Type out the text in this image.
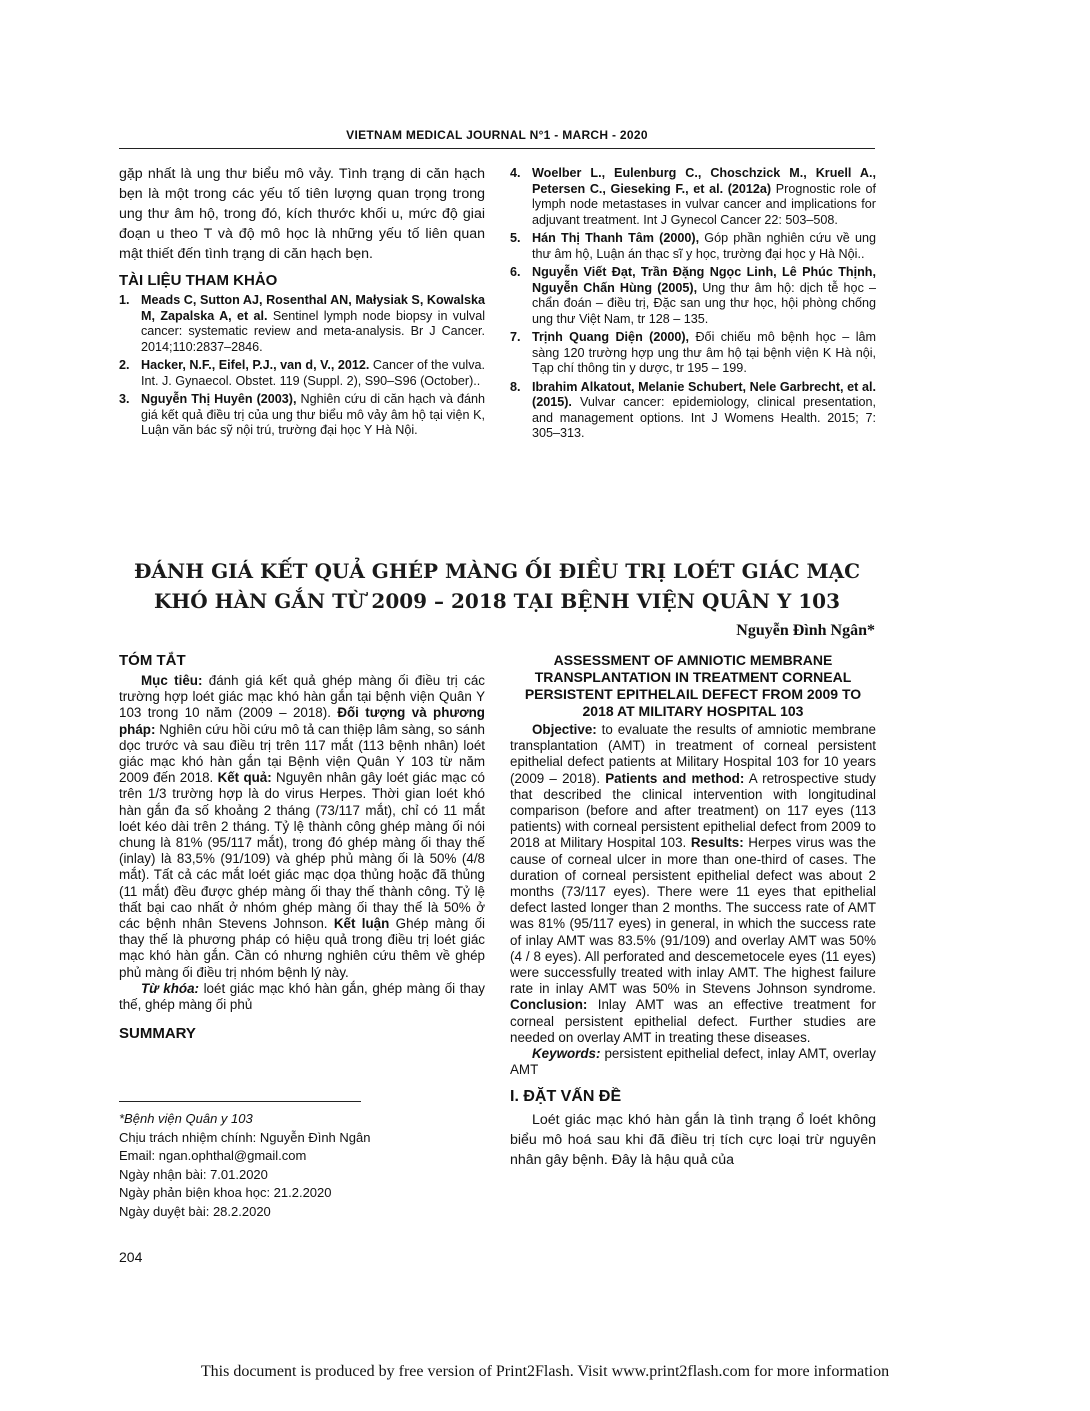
VIETNAM MEDICAL JOURNAL N°1 - MARCH - 2020
gặp nhất là ung thư biểu mô vảy. Tình trạng di căn hạch bẹn là một trong các yếu tố tiên lượng quan trọng trong ung thư âm hộ, trong đó, kích thước khối u, mức độ giai đoạn u theo T và độ mô học là những yếu tố liên quan mật thiết đến tình trạng di căn hạch bẹn.
TÀI LIỆU THAM KHẢO
1. Meads C, Sutton AJ, Rosenthal AN, Małysiak S, Kowalska M, Zapalska A, et al. Sentinel lymph node biopsy in vulval cancer: systematic review and meta-analysis. Br J Cancer. 2014;110:2837–2846.
2. Hacker, N.F., Eifel, P.J., van d, V., 2012. Cancer of the vulva. Int. J. Gynaecol. Obstet. 119 (Suppl. 2), S90–S96 (October)..
3. Nguyễn Thị Huyên (2003), Nghiên cứu di căn hạch và đánh giá kết quả điều trị của ung thư biểu mô vảy âm hộ tại viện K, Luận văn bác sỹ nội trú, trường đại học Y Hà Nội.
4. Woelber L., Eulenburg C., Choschzick M., Kruell A., Petersen C., Gieseking F., et al. (2012a) Prognostic role of lymph node metastases in vulvar cancer and implications for adjuvant treatment. Int J Gynecol Cancer 22: 503–508.
5. Hán Thị Thanh Tâm (2000), Góp phần nghiên cứu về ung thư âm hộ, Luận án thạc sĩ y học, trường đại học y Hà Nội..
6. Nguyễn Viết Đạt, Trần Đặng Ngọc Linh, Lê Phúc Thịnh, Nguyễn Chấn Hùng (2005), Ung thư âm hộ: dịch tễ học – chẩn đoán – điều trị, Đặc san ung thư học, hội phòng chống ung thư Việt Nam, tr 128 – 135.
7. Trịnh Quang Diện (2000), Đối chiếu mô bệnh học – lâm sàng 120 trường hợp ung thư âm hộ tại bệnh viện K Hà nội, Tạp chí thông tin y dược, tr 195 – 199.
8. Ibrahim Alkatout, Melanie Schubert, Nele Garbrecht, et al. (2015). Vulvar cancer: epidemiology, clinical presentation, and management options. Int J Womens Health. 2015; 7: 305–313.
ĐÁNH GIÁ KẾT QUẢ GHÉP MÀNG ỐI ĐIỀU TRỊ LOÉT GIÁC MẠC
KHÓ HÀN GẮN TỪ 2009 – 2018 TẠI BỆNH VIỆN QUÂN Y 103
Nguyễn Đình Ngân*
TÓM TẮT

Mục tiêu: đánh giá kết quả ghép màng ối điều trị các trường hợp loét giác mạc khó hàn gắn tại bệnh viện Quân Y 103 trong 10 năm (2009 – 2018). Đối tượng và phương pháp: Nghiên cứu hồi cứu mô tả can thiệp lâm sàng, so sánh dọc trước và sau điều trị trên 117 mắt (113 bệnh nhân) loét giác mạc khó hàn gắn tại Bệnh viện Quân Y 103 từ năm 2009 đến 2018. Kết quả: Nguyên nhân gây loét giác mạc có trên 1/3 trường hợp là do virus Herpes. Thời gian loét khó hàn gắn đa số khoảng 2 tháng (73/117 mắt), chỉ có 11 mắt loét kéo dài trên 2 tháng. Tỷ lệ thành công ghép màng ối nói chung là 81% (95/117 mắt), trong đó ghép màng ối thay thế (inlay) là 83,5% (91/109) và ghép phủ màng ối là 50% (4/8 mắt). Tất cả các mắt loét giác mạc dọa thủng hoặc đã thủng (11 mắt) đều được ghép màng ối thay thế thành công. Tỷ lệ thất bại cao nhất ở nhóm ghép màng ối thay thế là 50% ở các bệnh nhân Stevens Johnson. Kết luận Ghép màng ối thay thế là phương pháp có hiệu quả trong điều trị loét giác mạc khó hàn gắn. Cần có nhưng nghiên cứu thêm về ghép phủ màng ối điều trị nhóm bệnh lý này.

Từ khóa: loét giác mạc khó hàn gắn, ghép màng ối thay thế, ghép màng ối phủ

SUMMARY
ASSESSMENT OF AMNIOTIC MEMBRANE TRANSPLANTATION IN TREATMENT CORNEAL PERSISTENT EPITHELAIL DEFECT FROM 2009 TO 2018 AT MILITARY HOSPITAL 103

Objective: to evaluate the results of amniotic membrane transplantation (AMT) in treatment of corneal persistent epithelial defect patients at Military Hospital 103 for 10 years (2009 – 2018). Patients and method: A retrospective study that described the clinical intervention with longitudinal comparison (before and after treatment) on 117 eyes (113 patients) with corneal persistent epithelial defect from 2009 to 2018 at Military Hospital 103. Results: Herpes virus was the cause of corneal ulcer in more than one-third of cases. The duration of corneal persistent epithelial defect was about 2 months (73/117 eyes). There were 11 eyes that epithelial defect lasted longer than 2 months. The success rate of AMT was 81% (95/117 eyes) in general, in which the success rate of inlay AMT was 83.5% (91/109) and overlay AMT was 50% (4 / 8 eyes). All perforated and descemetocele eyes (11 eyes) were successfully treated with inlay AMT. The highest failure rate in inlay AMT was 50% in Stevens Johnson syndrome. Conclusion: Inlay AMT was an effective treatment for corneal persistent epithelial defect. Further studies are needed on overlay AMT in treating these diseases.

Keywords: persistent epithelial defect, inlay AMT, overlay AMT

I. ĐẶT VẤN ĐỀ
Loét giác mạc khó hàn gắn là tình trạng ổ loét không biểu mô hoá sau khi đã điều trị tích cực loại trừ nguyên nhân gây bệnh. Đây là hậu quả của
*Bệnh viện Quân y 103
Chịu trách nhiệm chính: Nguyễn Đình Ngân
Email: ngan.ophthal@gmail.com
Ngày nhận bài: 7.01.2020
Ngày phản biện khoa học: 21.2.2020
Ngày duyệt bài: 28.2.2020
204
This document is produced by free version of Print2Flash. Visit www.print2flash.com for more information
